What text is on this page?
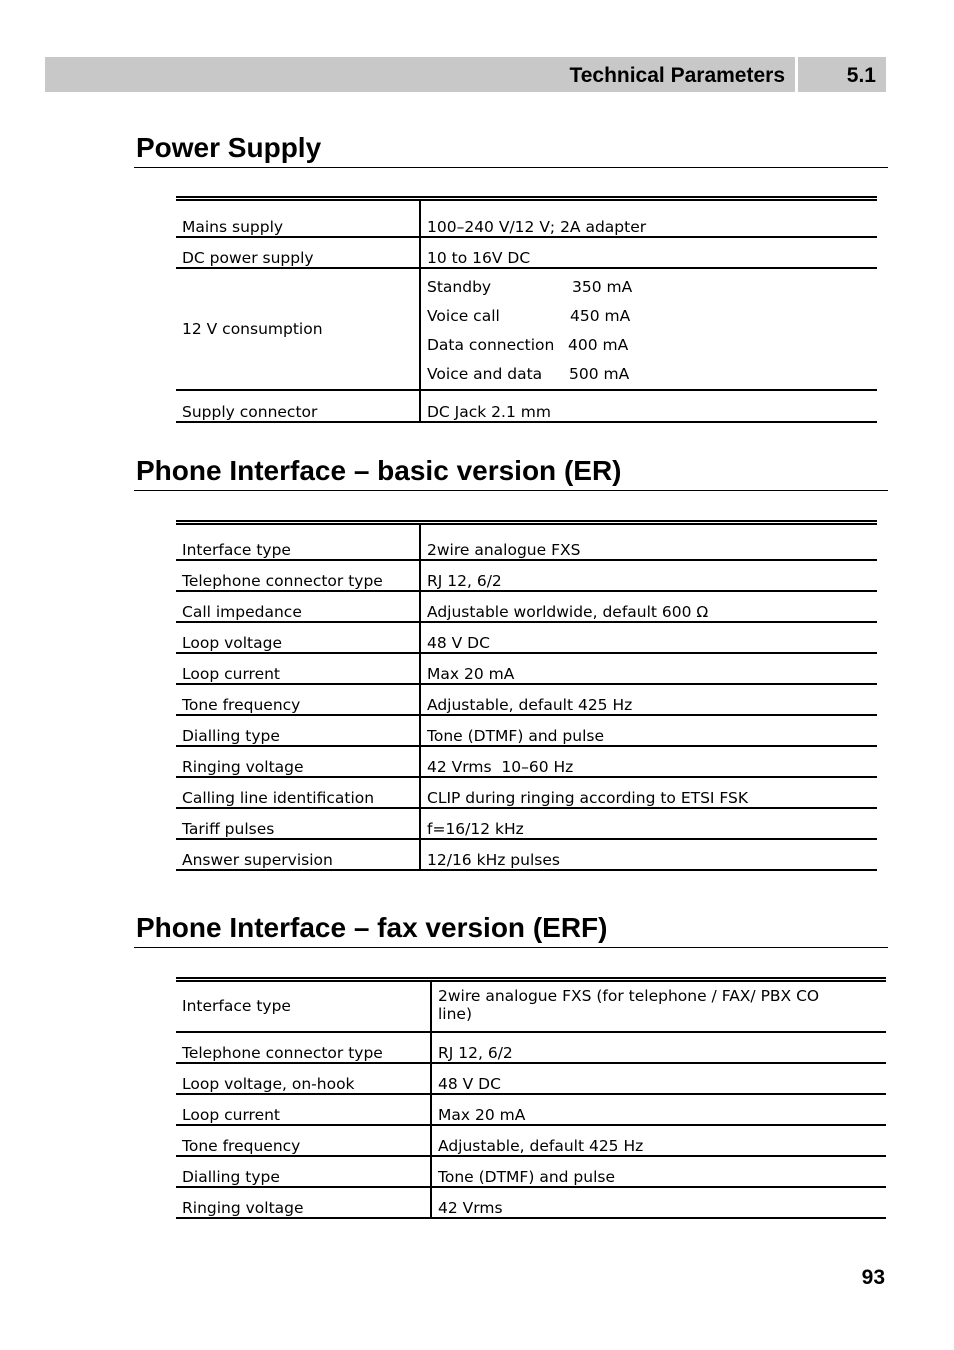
Technical Parameters	5.1
Power Supply
Mains supply	100–240 V/12 V; 2A adapter
DC power supply	10 to 16V DC
12 V consumption	Standby 350 mA
Voice call 450 mA
Data connection 400 mA
Voice and data 500 mA

Supply connector	DC Jack 2.1 mm
Phone Interface – basic version (ER)
Interface type	2wire analogue FXS
Telephone connector type	RJ 12, 6/2
Call impedance	Adjustable worldwide, default 600 Ω
Loop voltage	48 V DC
Loop current	Max 20 mA
Tone frequency	Adjustable, default 425 Hz
Dialling type	Tone (DTMF) and pulse
Ringing voltage	42 Vrms  10–60 Hz
Calling line identification	CLIP during ringing according to ETSI FSK
Tariff pulses	f=16/12 kHz
Answer supervision	12/16 kHz pulses
Phone Interface – fax version (ERF)
Interface type	2wire analogue FXS (for telephone / FAX/ PBX CO
line)

Telephone connector type	RJ 12, 6/2
Loop voltage, on-hook	48 V DC
Loop current	Max 20 mA
Tone frequency	Adjustable, default 425 Hz
Dialling type	Tone (DTMF) and pulse
Ringing voltage	42 Vrms
93
